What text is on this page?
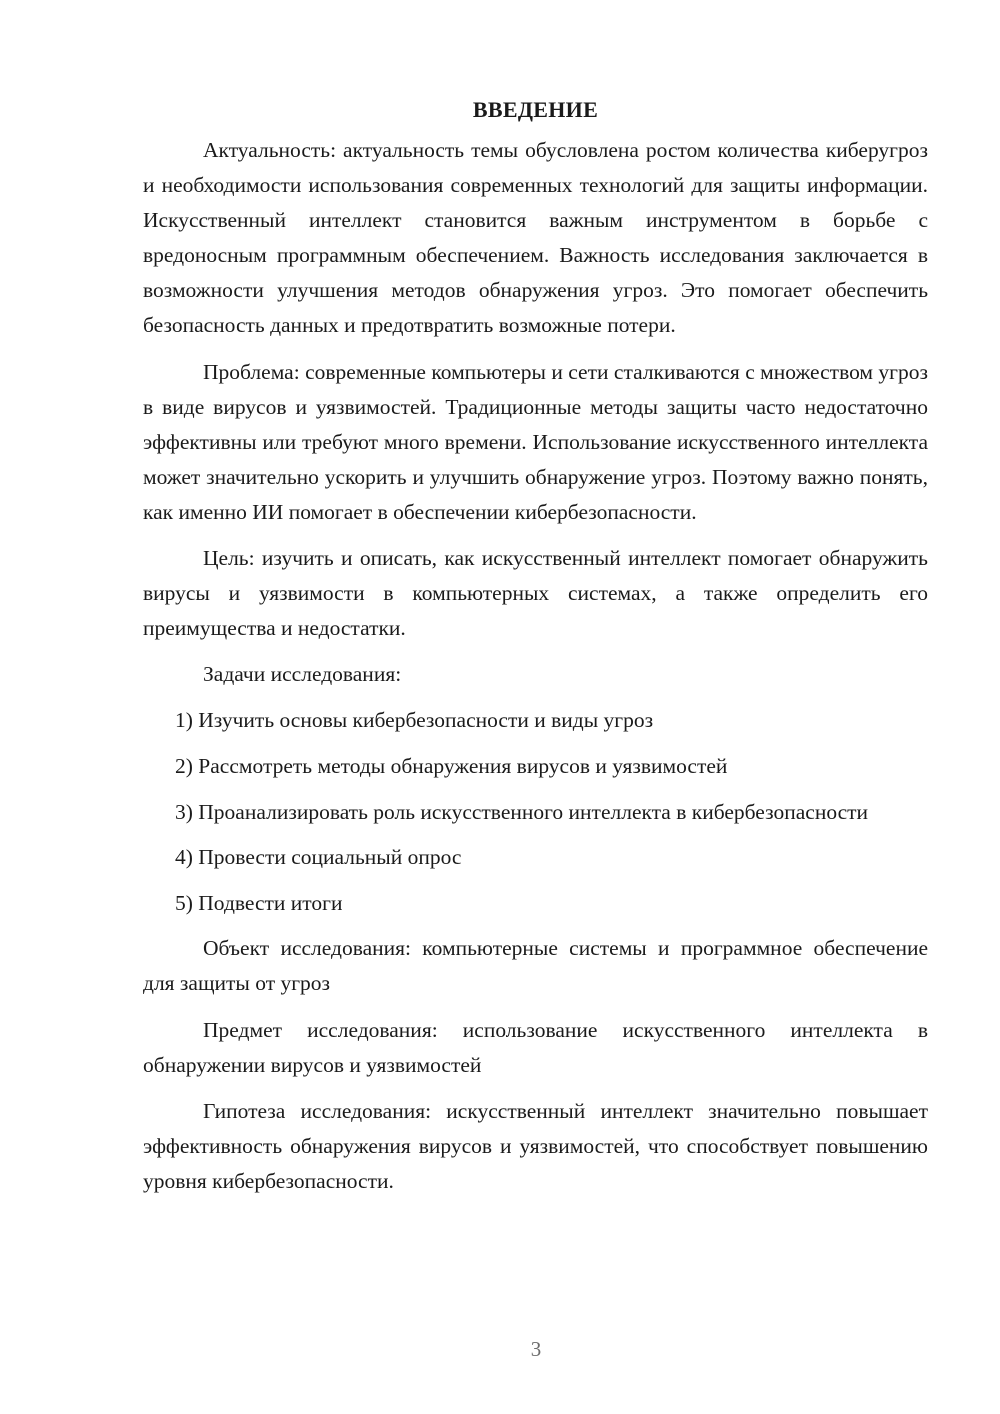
ВВЕДЕНИЕ

Актуальность: актуальность темы обусловлена ростом количества киберугроз и необходимости использования современных технологий для защиты информации. Искусственный интеллект становится важным инструментом в борьбе с вредоносным программным обеспечением. Важность исследования заключается в возможности улучшения методов обнаружения угроз. Это помогает обеспечить безопасность данных и предотвратить возможные потери.

Проблема: современные компьютеры и сети сталкиваются с множеством угроз в виде вирусов и уязвимостей. Традиционные методы защиты часто недостаточно эффективны или требуют много времени. Использование искусственного интеллекта может значительно ускорить и улучшить обнаружение угроз. Поэтому важно понять, как именно ИИ помогает в обеспечении кибербезопасности.

Цель: изучить и описать, как искусственный интеллект помогает обнаружить вирусы и уязвимости в компьютерных системах, а также определить его преимущества и недостатки.

Задачи исследования:

1) Изучить основы кибербезопасности и виды угроз

2) Рассмотреть методы обнаружения вирусов и уязвимостей

3) Проанализировать роль искусственного интеллекта в кибербезопасности

4) Провести социальный опрос

5) Подвести итоги

Объект исследования: компьютерные системы и программное обеспечение для защиты от угроз

Предмет исследования: использование искусственного интеллекта в обнаружении вирусов и уязвимостей

Гипотеза исследования: искусственный интеллект значительно повышает эффективность обнаружения вирусов и уязвимостей, что способствует повышению уровня кибербезопасности.

3
